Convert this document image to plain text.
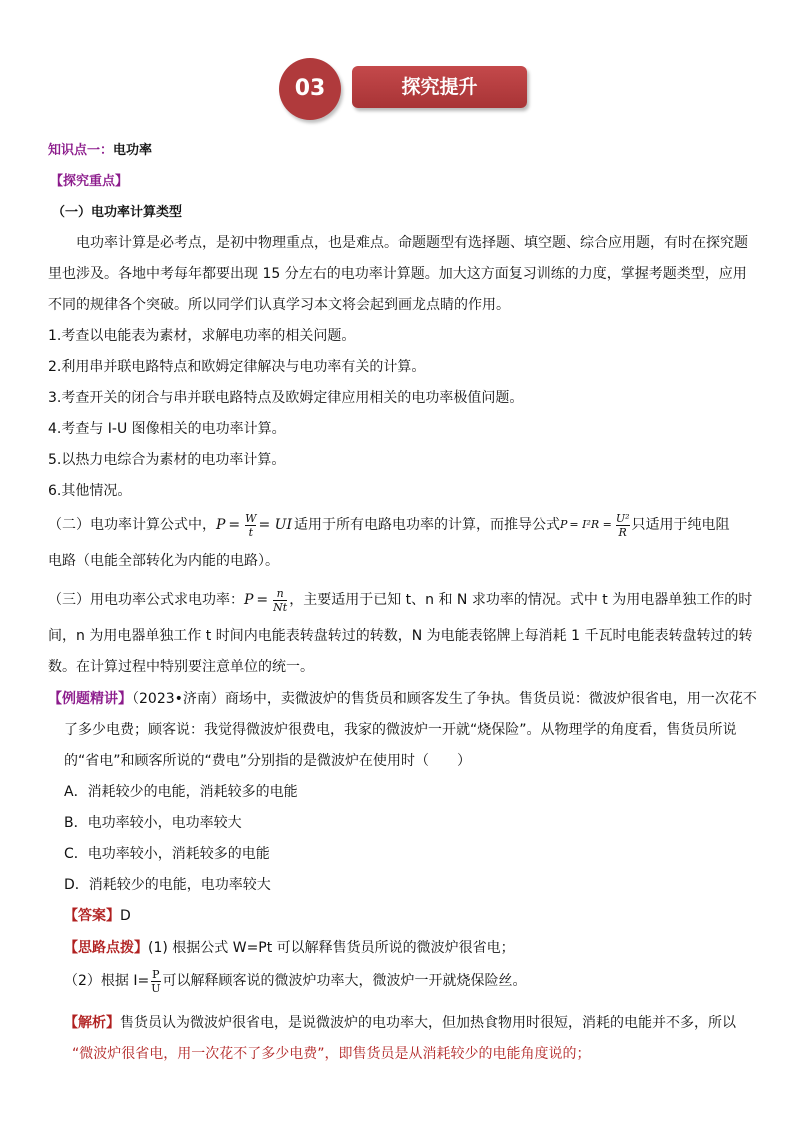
03	探究提升
知识点一：电功率
【探究重点】
（一）电功率计算类型
电功率计算是必考点，是初中物理重点，也是难点。命题题型有选择题、填空题、综合应用题，有时在探究题
里也涉及。各地中考每年都要出现 15 分左右的电功率计算题。加大这方面复习训练的力度，掌握考题类型，应用
不同的规律各个突破。所以同学们认真学习本文将会起到画龙点睛的作用。
1.考查以电能表为素材，求解电功率的相关问题。
2.利用串并联电路特点和欧姆定律解决与电功率有关的计算。
3.考查开关的闭合与串并联电路特点及欧姆定律应用相关的电功率极值问题。
4.考查与 I-U 图像相关的电功率计算。
5.以热力电综合为素材的电功率计算。
6.其他情况。
（二）电功率计算公式中， $P = \frac{W}{t}$ = UI 适用于所有电路电功率的计算，而推导公式 $P = I^2R = \frac{\text{U²}}{R}$ 只适用于纯电阻
电路（电能全部转化为内能的电路）。
（三）用电功率公式求电功率： $P = \frac{n}{Nt}$ ，主要适用于已知 t、n 和 N 求功率的情况。式中 t 为用电器单独工作的时
间，n 为用电器单独工作 t 时间内电能表转盘转过的转数，N 为电能表铭牌上每消耗 1 千瓦时电能表转盘转过的转
数。在计算过程中特别要注意单位的统一。
【例题精讲】（2023•济南）商场中，卖微波炉的售货员和顾客发生了争执。售货员说：微波炉很省电，用一次花不
了多少电费；顾客说：我觉得微波炉很费电，我家的微波炉一开就“烧保险”。从物理学的角度看，售货员所说
的“省电”和顾客所说的“费电”分别指的是微波炉在使用时（　　）
A．消耗较少的电能，消耗较多的电能
B．电功率较小，电功率较大
C．电功率较小，消耗较多的电能
D．消耗较少的电能，电功率较大
【答案】D
【思路点拨】(1) 根据公式 W=Pt 可以解释售货员所说的微波炉很省电；
（2）根据 $I= \frac{P}{U}$ 可以解释顾客说的微波炉功率大，微波炉一开就烧保险丝。
【解析】售货员认为微波炉很省电，是说微波炉的电功率大，但加热食物用时很短，消耗的电能并不多，所以
“微波炉很省电，用一次花不了多少电费”，即售货员是从消耗较少的电能角度说的；
